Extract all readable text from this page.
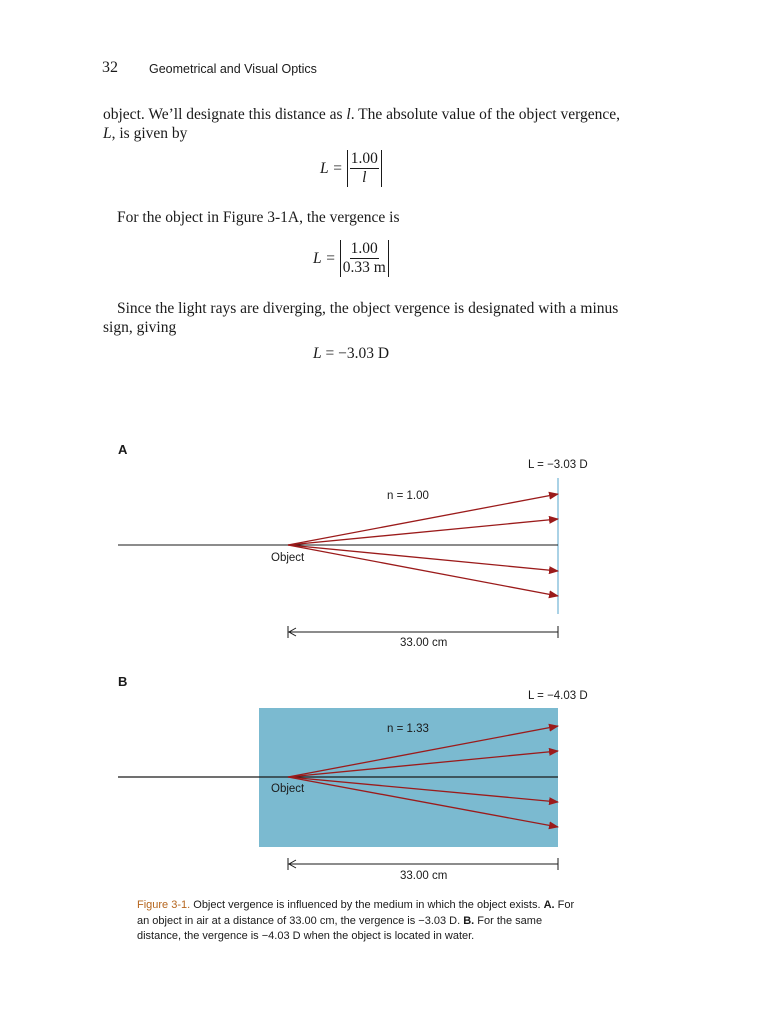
32 Geometrical and Visual Optics
object. We’ll designate this distance as l. The absolute value of the object vergence,
L, is given by
$L = \frac{1.00}{l}$
For the object in Figure 3-1A, the vergence is
$L = \frac{1.00}{0.33 m}$
Since the light rays are diverging, the object vergence is designated with a minus sign, giving
L = −3.03 D
A
L = −3.03 D
n = 1.00
Object
33.00 cm
B
L = −4.03 D
n = 1.33
Object
33.00 cm
Figure 3-1. Object vergence is influenced by the medium in which the object exists. A. For an object in air at a distance of 33.00 cm, the vergence is −3.03 D. B. For the same distance, the vergence is −4.03 D when the object is located in water.
